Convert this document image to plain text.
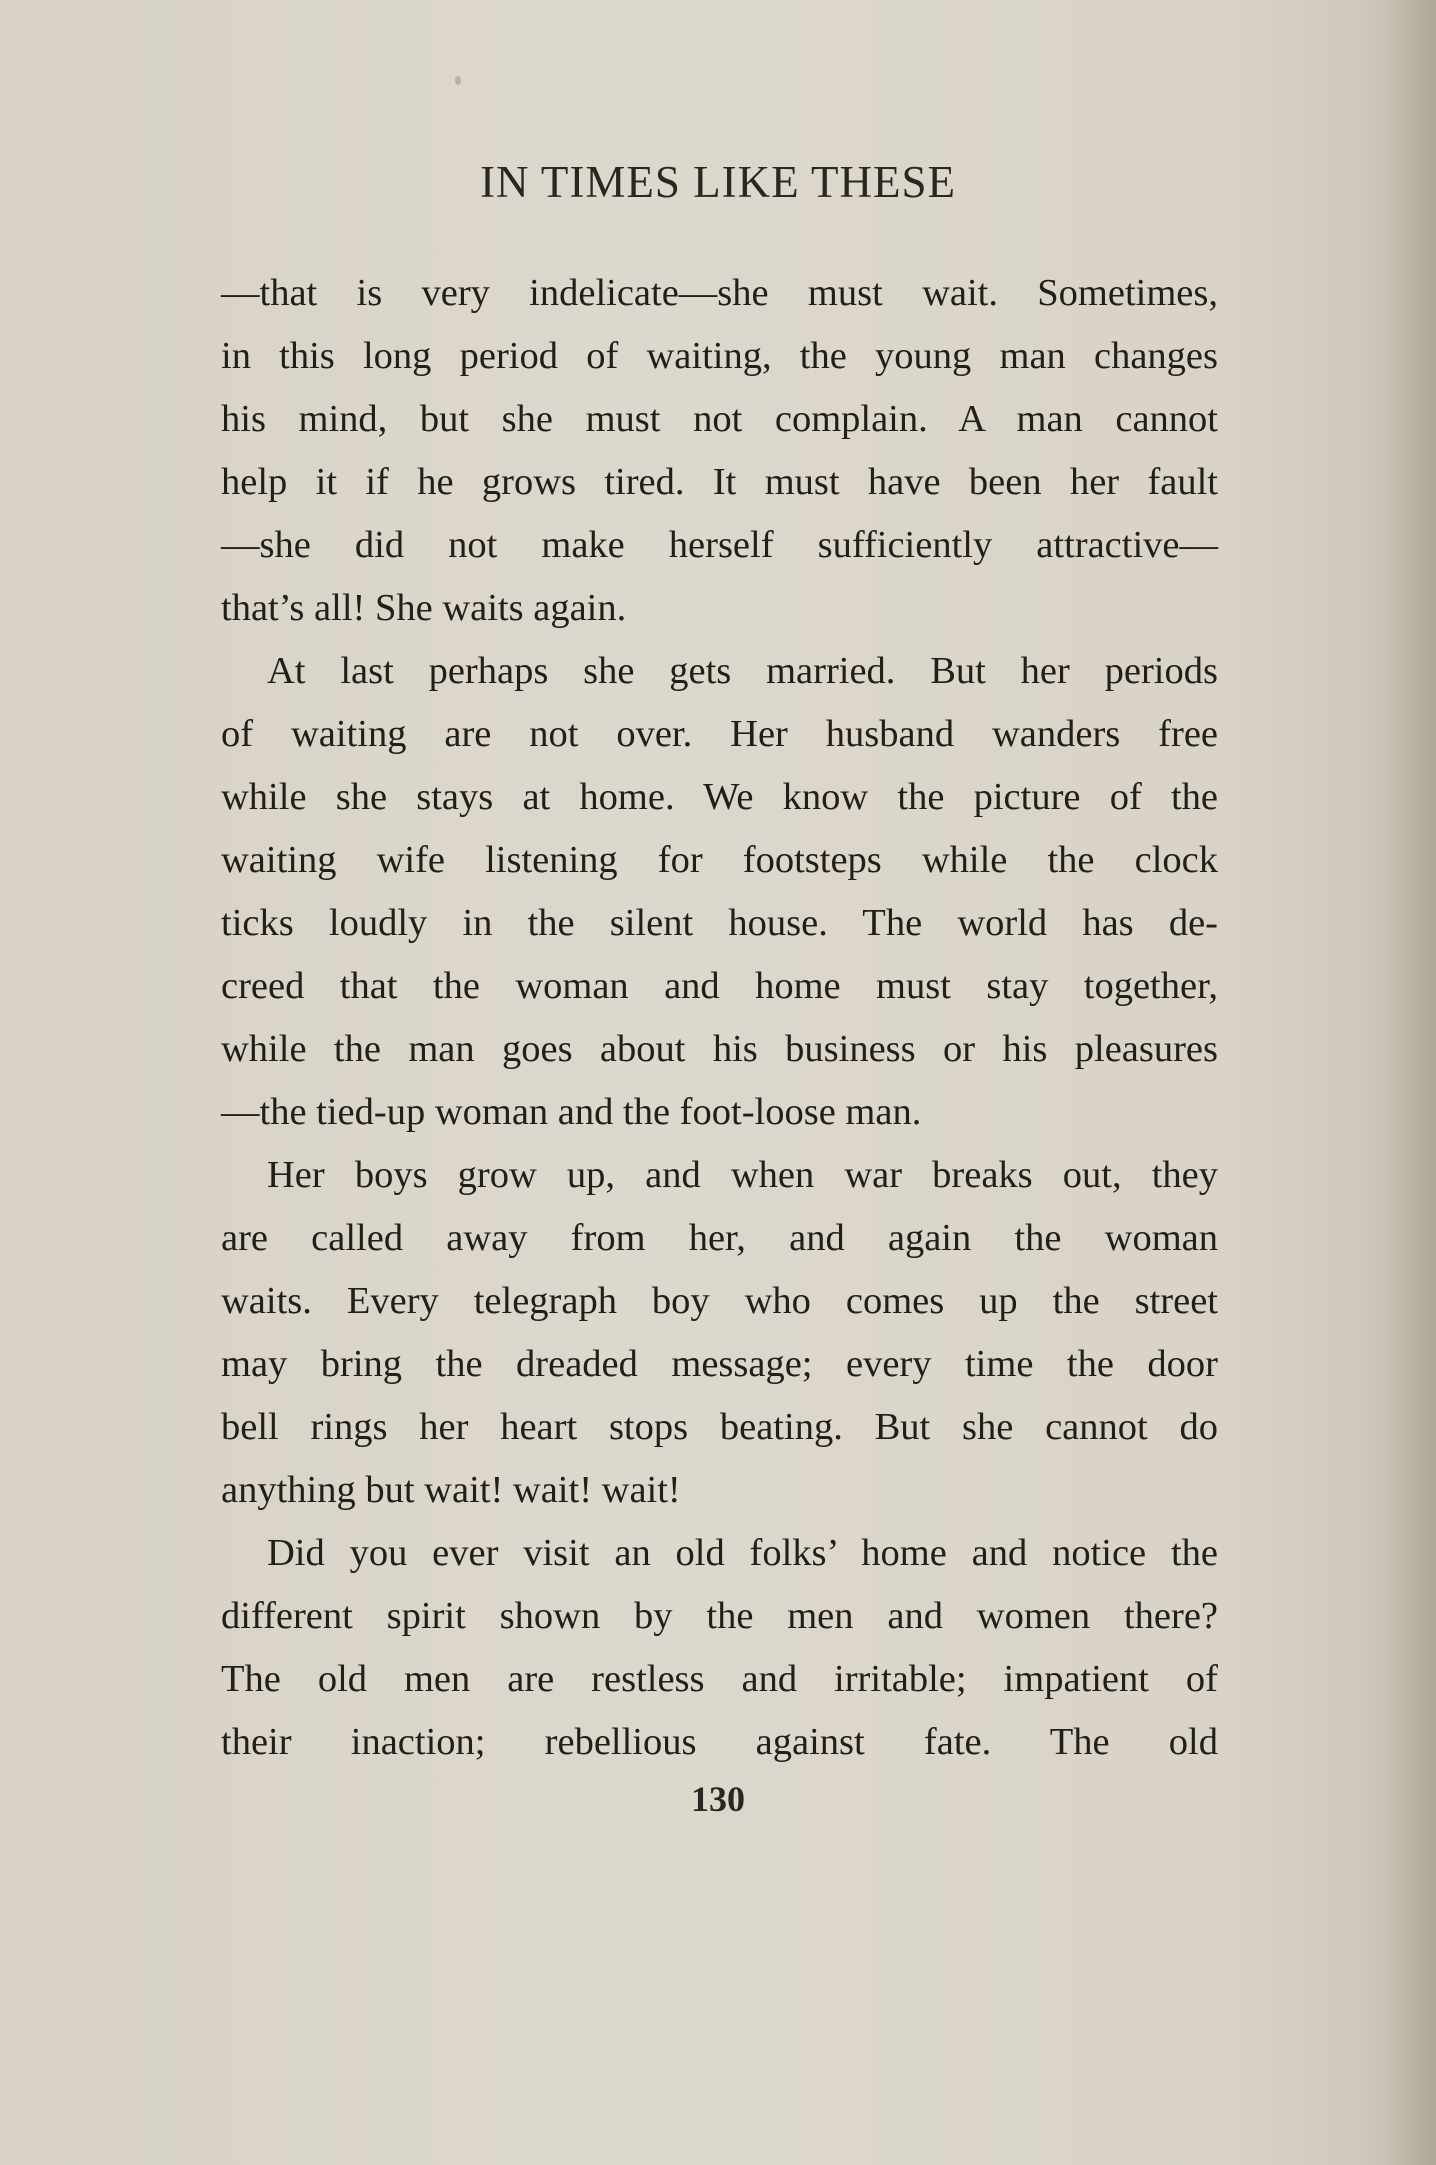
IN TIMES LIKE THESE
—that is very indelicate—she must wait. Sometimes,
in this long period of waiting, the young man changes
his mind, but she must not complain. A man cannot
help it if he grows tired. It must have been her fault
—she did not make herself sufficiently attractive—
that’s all! She waits again.
At last perhaps she gets married. But her periods
of waiting are not over. Her husband wanders free
while she stays at home. We know the picture of the
waiting wife listening for footsteps while the clock
ticks loudly in the silent house. The world has de-
creed that the woman and home must stay together,
while the man goes about his business or his pleasures
—the tied-up woman and the foot-loose man.
Her boys grow up, and when war breaks out, they
are called away from her, and again the woman
waits. Every telegraph boy who comes up the street
may bring the dreaded message; every time the door
bell rings her heart stops beating. But she cannot do
anything but wait! wait! wait!
Did you ever visit an old folks’ home and notice the
different spirit shown by the men and women there?
The old men are restless and irritable; impatient of
their inaction; rebellious against fate. The old
130
